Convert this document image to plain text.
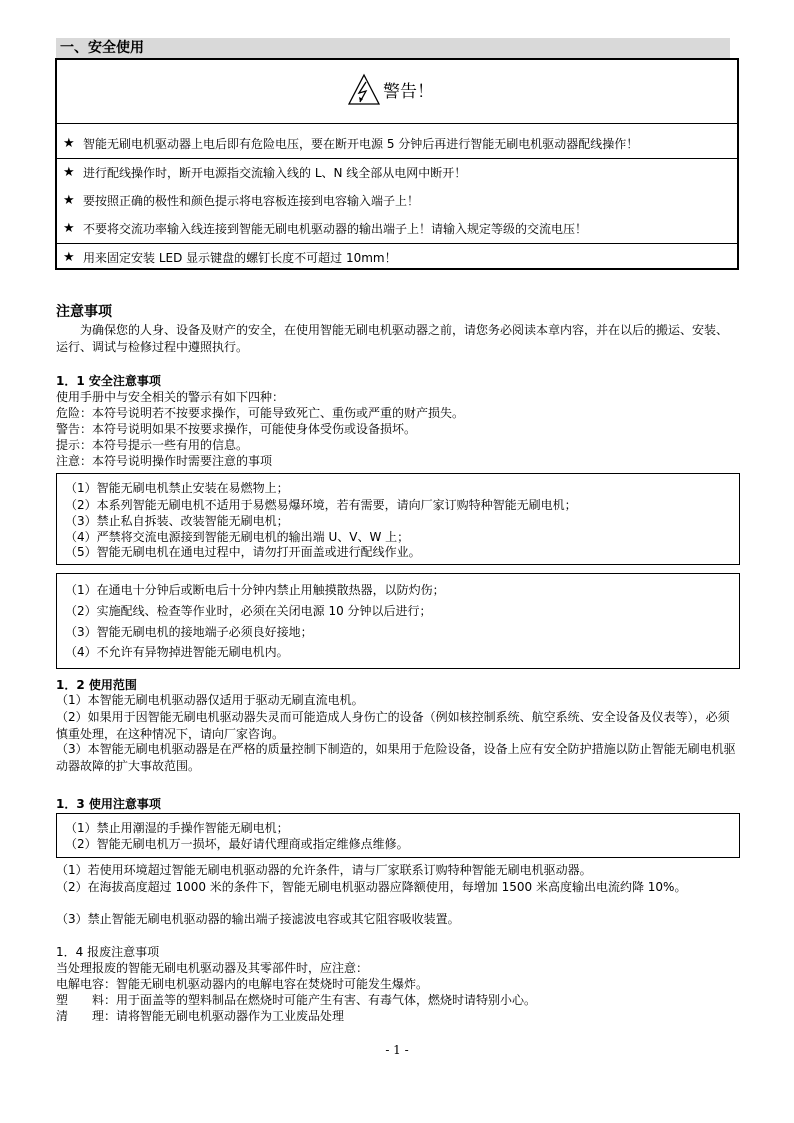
一、安全使用
警告！
★ 智能无刷电机驱动器上电后即有危险电压，要在断开电源 5 分钟后再进行智能无刷电机驱动器配线操作！
★ 进行配线操作时，断开电源指交流输入线的 L、N 线全部从电网中断开！
★ 要按照正确的极性和颜色提示将电容板连接到电容输入端子上！
★ 不要将交流功率输入线连接到智能无刷电机驱动器的输出端子上！请输入规定等级的交流电压！
★ 用来固定安装 LED 显示键盘的螺钉长度不可超过 10mm！
注意事项
为确保您的人身、设备及财产的安全，在使用智能无刷电机驱动器之前，请您务必阅读本章内容，并在以后的搬运、安装、运行、调试与检修过程中遵照执行。
1．1 安全注意事项
使用手册中与安全相关的警示有如下四种：
危险：本符号说明若不按要求操作，可能导致死亡、重伤或严重的财产损失。
警告：本符号说明如果不按要求操作，可能使身体受伤或设备损坏。
提示：本符号提示一些有用的信息。
注意：本符号说明操作时需要注意的事项
（1）智能无刷电机禁止安装在易燃物上；
（2）本系列智能无刷电机不适用于易燃易爆环境，若有需要，请向厂家订购特种智能无刷电机；
（3）禁止私自拆装、改装智能无刷电机；
（4）严禁将交流电源接到智能无刷电机的输出端 U、V、W 上；
（5）智能无刷电机在通电过程中，请勿打开面盖或进行配线作业。
（1）在通电十分钟后或断电后十分钟内禁止用触摸散热器，以防灼伤；
（2）实施配线、检查等作业时，必须在关闭电源 10 分钟以后进行；
（3）智能无刷电机的接地端子必须良好接地；
（4）不允许有异物掉进智能无刷电机内。
1．2 使用范围
（1）本智能无刷电机驱动器仅适用于驱动无刷直流电机。
（2）如果用于因智能无刷电机驱动器失灵而可能造成人身伤亡的设备（例如核控制系统、航空系统、安全设备及仪表等），必须慎重处理，在这种情况下，请向厂家咨询。
（3）本智能无刷电机驱动器是在严格的质量控制下制造的，如果用于危险设备，设备上应有安全防护措施以防止智能无刷电机驱动器故障的扩大事故范围。
1．3 使用注意事项
（1）禁止用潮湿的手操作智能无刷电机；
（2）智能无刷电机万一损坏，最好请代理商或指定维修点维修。
（1）若使用环境超过智能无刷电机驱动器的允许条件，请与厂家联系订购特种智能无刷电机驱动器。
（2）在海拔高度超过 1000 米的条件下，智能无刷电机驱动器应降额使用，每增加 1500 米高度输出电流约降 10%。
（3）禁止智能无刷电机驱动器的输出端子接滤波电容或其它阻容吸收装置。
1．4 报废注意事项
当处理报废的智能无刷电机驱动器及其零部件时，应注意：
电解电容：智能无刷电机驱动器内的电解电容在焚烧时可能发生爆炸。
塑　　料：用于面盖等的塑料制品在燃烧时可能产生有害、有毒气体，燃烧时请特别小心。
清　　理：请将智能无刷电机驱动器作为工业废品处理
- 1 -
